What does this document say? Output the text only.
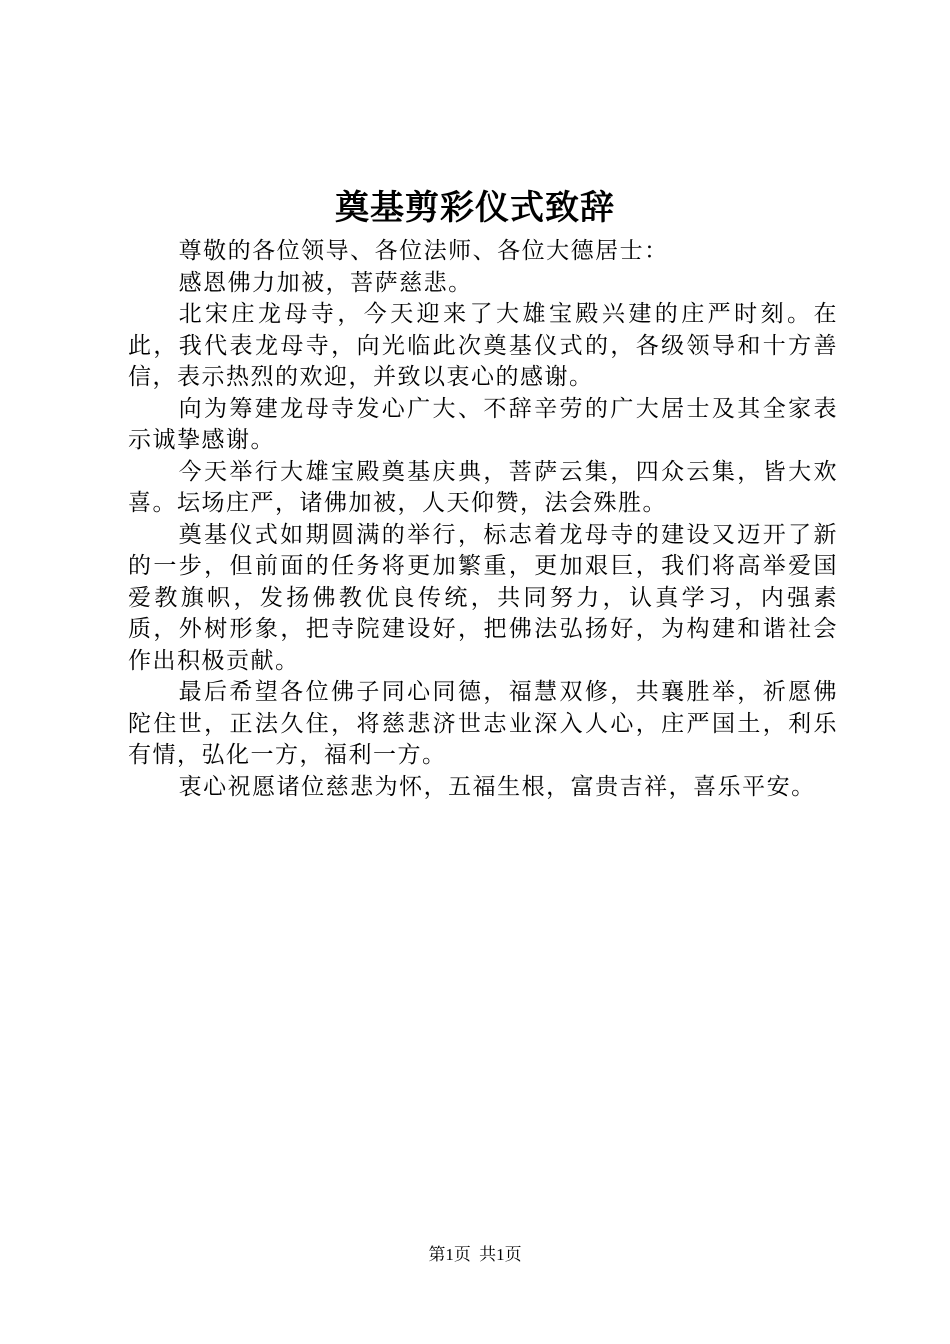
奠基剪彩仪式致辞

尊敬的各位领导、各位法师、各位大德居士：

感恩佛力加被，菩萨慈悲。

北宋庄龙母寺，今天迎来了大雄宝殿兴建的庄严时刻。在此，我代表龙母寺，向光临此次奠基仪式的，各级领导和十方善信，表示热烈的欢迎，并致以衷心的感谢。

向为筹建龙母寺发心广大、不辞辛劳的广大居士及其全家表示诚挚感谢。

今天举行大雄宝殿奠基庆典，菩萨云集，四众云集，皆大欢喜。坛场庄严，诸佛加被，人天仰赞，法会殊胜。

奠基仪式如期圆满的举行，标志着龙母寺的建设又迈开了新的一步，但前面的任务将更加繁重，更加艰巨，我们将高举爱国爱教旗帜，发扬佛教优良传统，共同努力，认真学习，内强素质，外树形象，把寺院建设好，把佛法弘扬好，为构建和谐社会作出积极贡献。

最后希望各位佛子同心同德，福慧双修，共襄胜举，祈愿佛陀住世，正法久住，将慈悲济世志业深入人心，庄严国土，利乐有情，弘化一方，福利一方。

衷心祝愿诸位慈悲为怀，五福生根，富贵吉祥，喜乐平安。

第1页 共1页
